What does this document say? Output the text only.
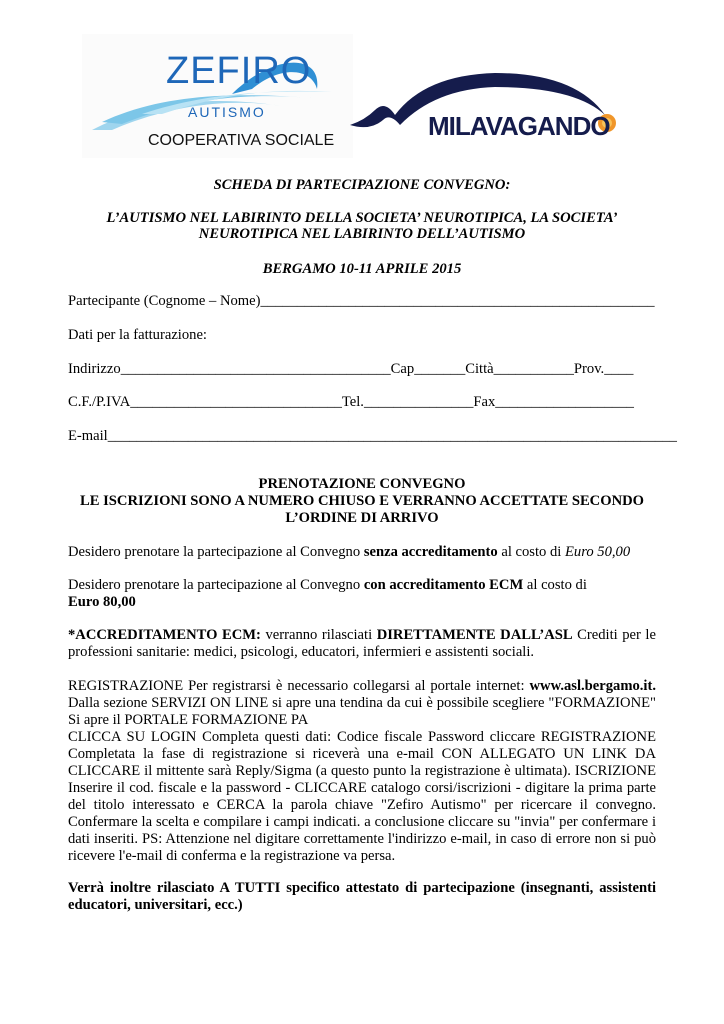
ZEFIRO
AUTISMO
COOPERATIVA SOCIALE	MILAVAGANDO
SCHEDA DI PARTECIPAZIONE CONVEGNO:
L’AUTISMO NEL LABIRINTO DELLA SOCIETA’ NEUROTIPICA, LA SOCIETA’
NEUROTIPICA NEL LABIRINTO DELL’AUTISMO
BERGAMO 10-11 APRILE 2015
Partecipante (Cognome – Nome)______________________________________________________
Dati per la fatturazione:
Indirizzo_____________________________________Cap_______Città___________Prov.____
C.F./P.IVA_____________________________Tel._______________Fax___________________
E-mail______________________________________________________________________________
PRENOTAZIONE CONVEGNO
LE ISCRIZIONI SONO A NUMERO CHIUSO E VERRANNO ACCETTATE SECONDO
L’ORDINE DI ARRIVO
Desidero prenotare la partecipazione al Convegno senza accreditamento al costo di Euro 50,00
Desidero prenotare la partecipazione al Convegno con accreditamento ECM al costo di
Euro 80,00
*ACCREDITAMENTO ECM: verranno rilasciati DIRETTAMENTE DALL’ASL Crediti per le
professioni sanitarie: medici, psicologi, educatori, infermieri e assistenti sociali.
REGISTRAZIONE Per registrarsi è necessario collegarsi al portale internet: www.asl.bergamo.it.
Dalla sezione SERVIZI ON LINE si apre una tendina da cui è possibile scegliere "FORMAZIONE"
Si apre il PORTALE FORMAZIONE PA
CLICCA SU LOGIN Completa questi dati: Codice fiscale Password cliccare REGISTRAZIONE
Completata la fase di registrazione si riceverà una e-mail CON ALLEGATO UN LINK DA
CLICCARE il mittente sarà Reply/Sigma (a questo punto la registrazione è ultimata). ISCRIZIONE
Inserire il cod. fiscale e la password - CLICCARE catalogo corsi/iscrizioni - digitare la prima parte
del titolo interessato e CERCA la parola chiave "Zefiro Autismo" per ricercare il convegno.
Confermare la scelta e compilare i campi indicati. a conclusione cliccare su "invia" per confermare i
dati inseriti. PS: Attenzione nel digitare correttamente l'indirizzo e-mail, in caso di errore non si può
ricevere l'e-mail di conferma e la registrazione va persa.
Verrà inoltre rilasciato A TUTTI specifico attestato di partecipazione (insegnanti, assistenti
educatori, universitari, ecc.)
